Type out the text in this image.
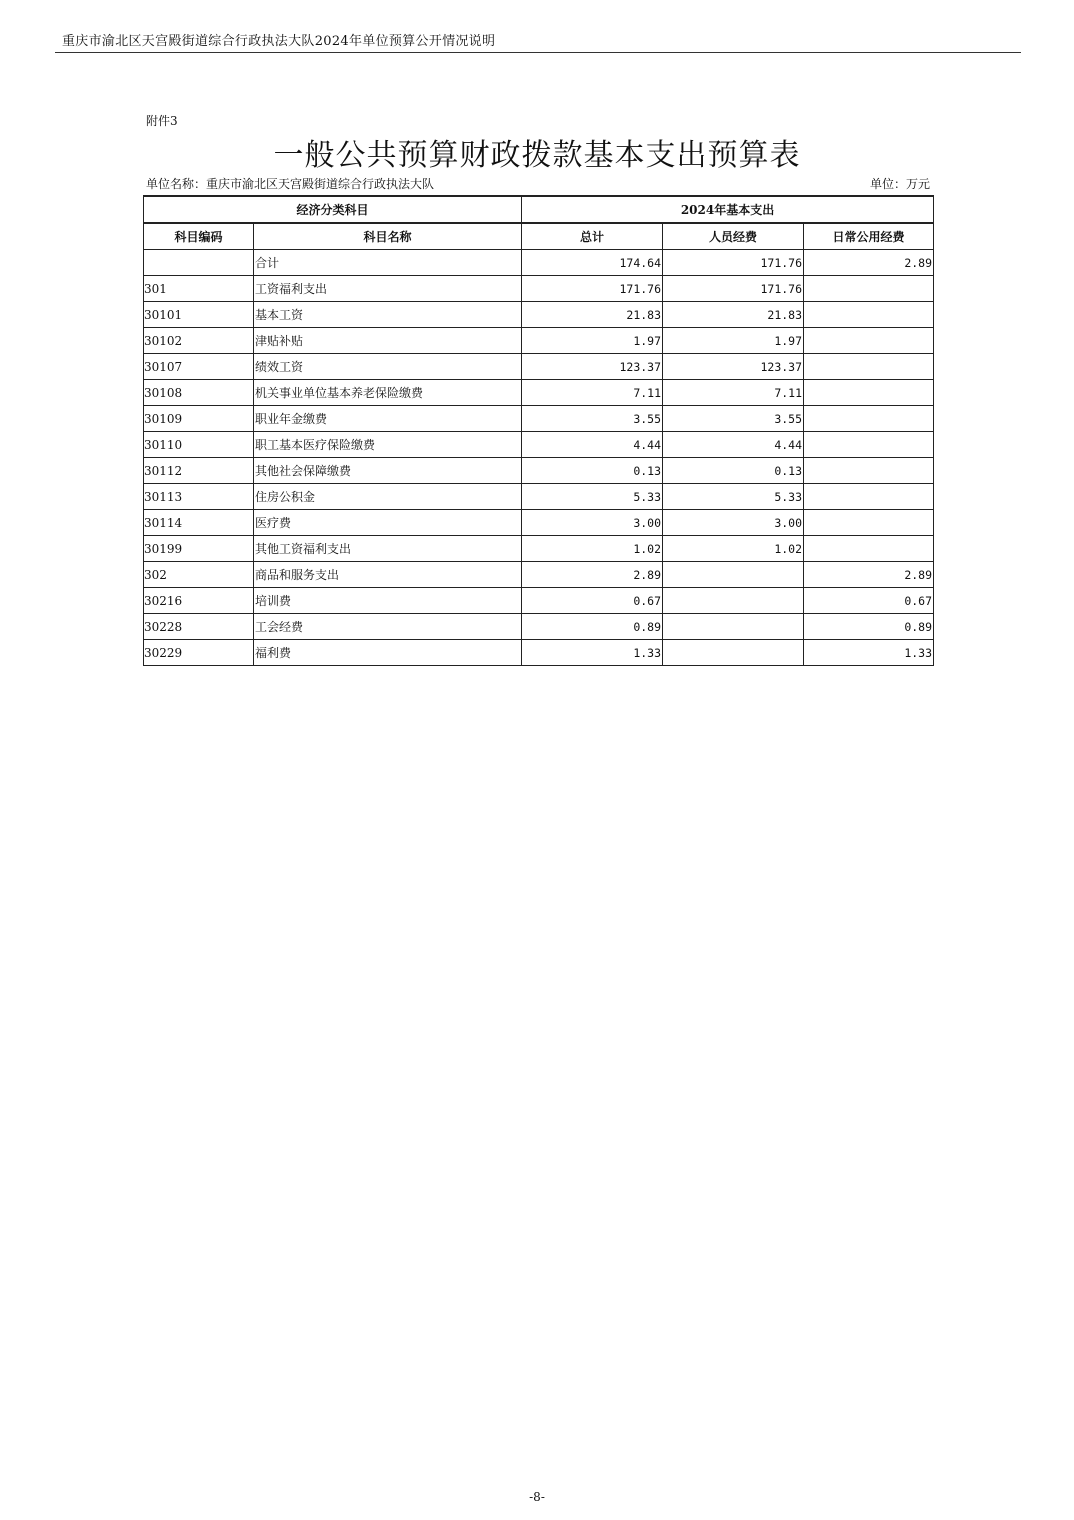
重庆市渝北区天宫殿街道综合行政执法大队2024年单位预算公开情况说明
附件3
一般公共预算财政拨款基本支出预算表
单位名称：重庆市渝北区天宫殿街道综合行政执法大队	单位：万元
经济分类科目		2024年基本支出		
科目编码	科目名称	总计	人员经费	日常公用经费
	合计	174.64	171.76	2.89
301	工资福利支出	171.76	171.76	
30101	基本工资	21.83	21.83	
30102	津贴补贴	1.97	1.97	
30107	绩效工资	123.37	123.37	
30108	机关事业单位基本养老保险缴费	7.11	7.11	
30109	职业年金缴费	3.55	3.55	
30110	职工基本医疗保险缴费	4.44	4.44	
30112	其他社会保障缴费	0.13	0.13	
30113	住房公积金	5.33	5.33	
30114	医疗费	3.00	3.00	
30199	其他工资福利支出	1.02	1.02	
302	商品和服务支出	2.89		2.89
30216	培训费	0.67		0.67
30228	工会经费	0.89		0.89
30229	福利费	1.33		1.33
-8-
